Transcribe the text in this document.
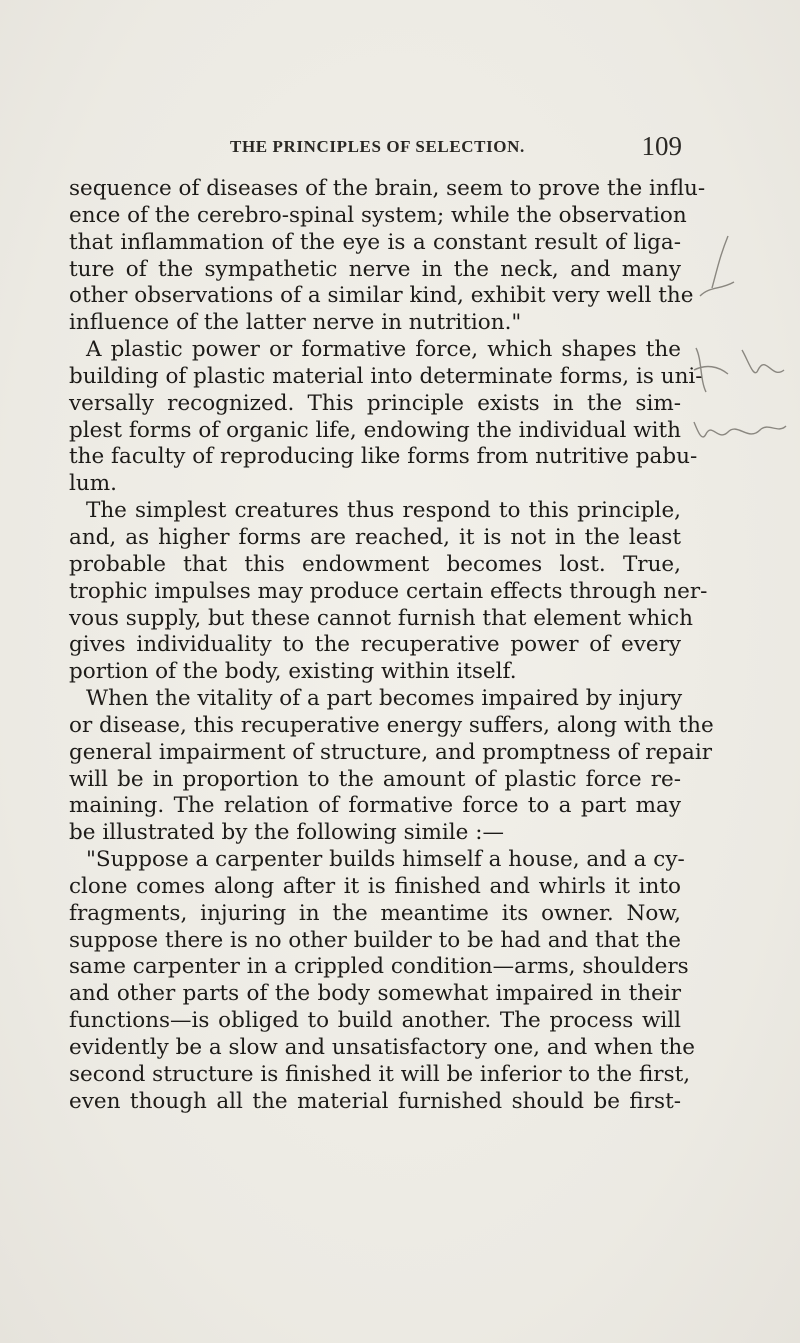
THE PRINCIPLES OF SELECTION.	109
sequence of diseases of the brain, seem to prove the influ-
ence of the cerebro-spinal system; while the observation
that inflammation of the eye is a constant result of liga-
ture of the sympathetic nerve in the neck, and many
other observations of a similar kind, exhibit very well the
influence of the latter nerve in nutrition."
A plastic power or formative force, which shapes the
building of plastic material into determinate forms, is uni-
versally recognized. This principle exists in the sim-
plest forms of organic life, endowing the individual with
the faculty of reproducing like forms from nutritive pabu-
lum.
The simplest creatures thus respond to this principle,
and, as higher forms are reached, it is not in the least
probable that this endowment becomes lost. True,
trophic impulses may produce certain effects through ner-
vous supply, but these cannot furnish that element which
gives individuality to the recuperative power of every
portion of the body, existing within itself.
When the vitality of a part becomes impaired by injury
or disease, this recuperative energy suffers, along with the
general impairment of structure, and promptness of repair
will be in proportion to the amount of plastic force re-
maining. The relation of formative force to a part may
be illustrated by the following simile :—
"Suppose a carpenter builds himself a house, and a cy-
clone comes along after it is finished and whirls it into
fragments, injuring in the meantime its owner. Now,
suppose there is no other builder to be had and that the
same carpenter in a crippled condition—arms, shoulders
and other parts of the body somewhat impaired in their
functions—is obliged to build another. The process will
evidently be a slow and unsatisfactory one, and when the
second structure is finished it will be inferior to the first,
even though all the material furnished should be first-
